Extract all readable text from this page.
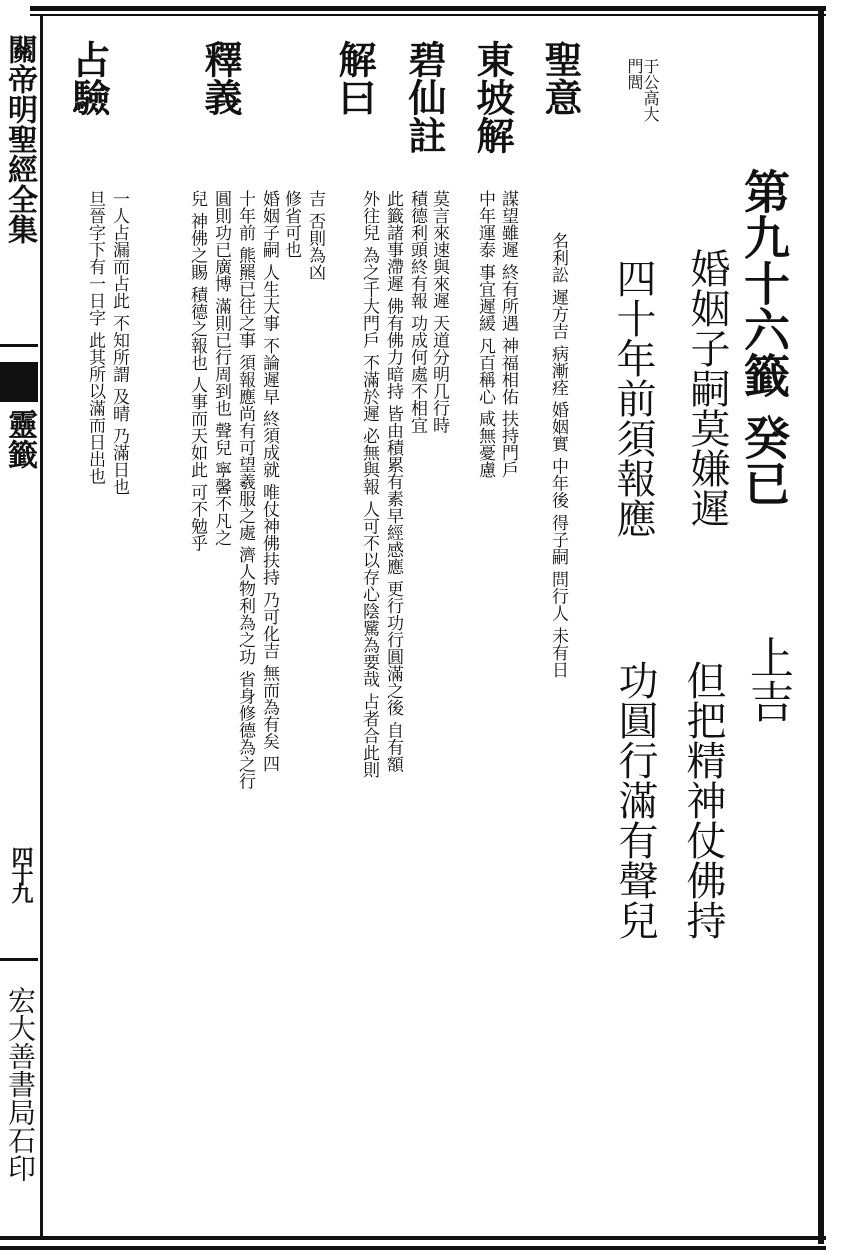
關帝明聖經全集
靈籤
四十九
宏大善書局石印
第九十六籤 癸已
上吉
于公高大
門閭
婚姻子嗣莫嫌遲
四十年前須報應
但把精神仗佛持
功圓行滿有聲兒
聖意
東坡解
碧仙註
解曰
釋義
占驗
名利訟 遲方吉 病漸痊 婚姻實 中年後 得子嗣 問行人 未有日
謀望雖遲 終有所遇 神福相佑 扶持門戶
中年運泰 事宜遲緩 凡百稱心 咸無憂慮
莫言來速與來遲 天道分明几行時
積德利頭終有報 功成何處不相宜
此籤諸事滯遲 佛有佛力暗持 皆由積累有素早經感應 更行功行圓滿之後 自有額
外往兒 為之千大門戶 不滿於遲 必無與報 人可不以存心陰騭為要哉 占者合此則
吉 否則為凶
修省可也
婚姻子嗣 人生大事 不論遲早 終須成就 唯仗神佛扶持 乃可化吉 無而為有矣 四
十年前 熊羆已往之事 須報應尚有可望羲服之處 濟人物利為之功 省身修德為之行
圓則功已廣博 滿則已行周到也 聲兒 寧馨不凡之
兒 神佛之賜 積德之報也 人事而天如此 可不勉乎
一人占漏而占此 不知所謂 及晴 乃滿日也
旦晉字下有一日字 此其所以滿而日出也
